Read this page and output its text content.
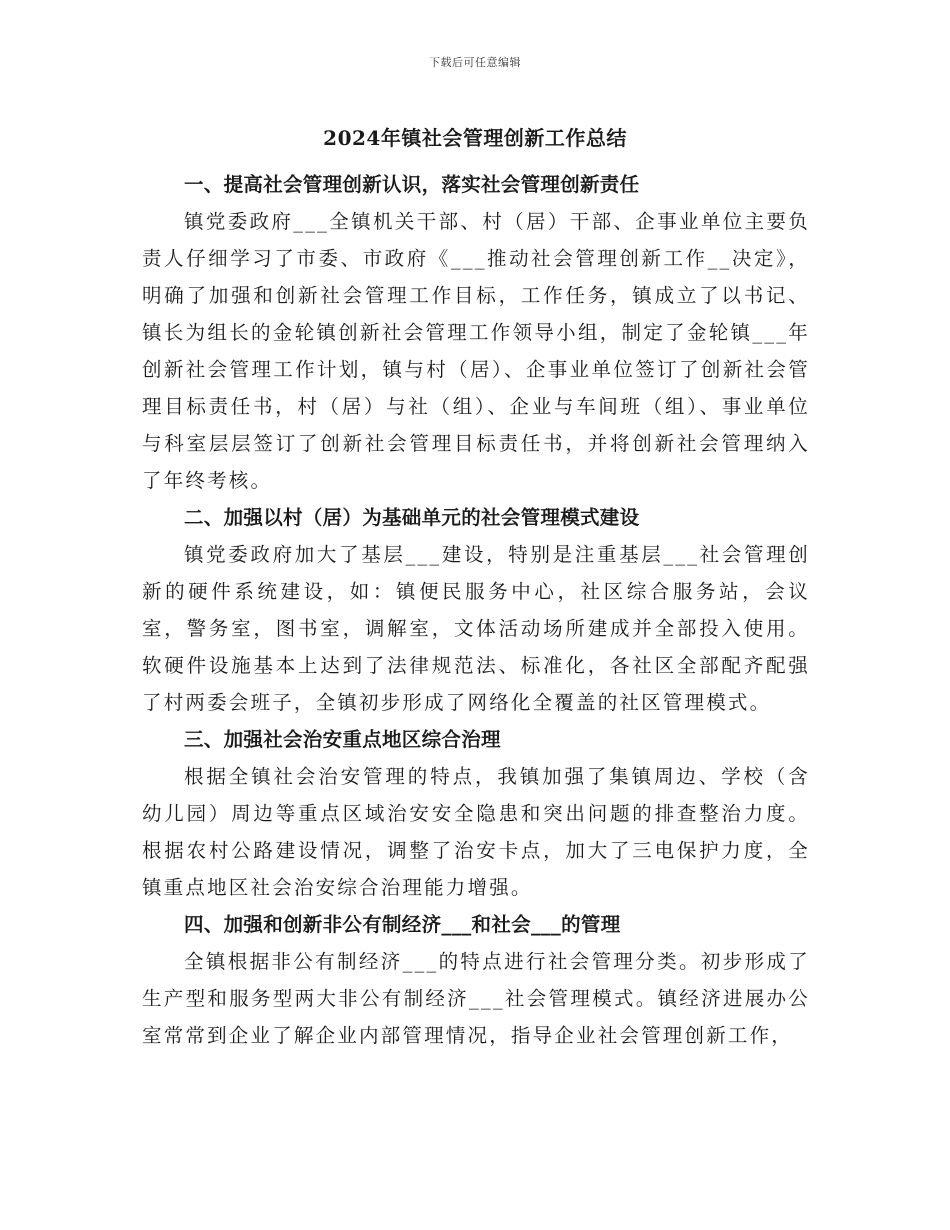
下载后可任意编辑
2024年镇社会管理创新工作总结
一、提高社会管理创新认识，落实社会管理创新责任

镇党委政府___全镇机关干部、村（居）干部、企事业单位主要负责人仔细学习了市委、市政府《___推动社会管理创新工作__决定》，明确了加强和创新社会管理工作目标，工作任务，镇成立了以书记、镇长为组长的金轮镇创新社会管理工作领导小组，制定了金轮镇___年创新社会管理工作计划，镇与村（居）、企事业单位签订了创新社会管理目标责任书，村（居）与社（组）、企业与车间班（组）、事业单位与科室层层签订了创新社会管理目标责任书，并将创新社会管理纳入了年终考核。

二、加强以村（居）为基础单元的社会管理模式建设

镇党委政府加大了基层___建设，特别是注重基层___社会管理创新的硬件系统建设，如：镇便民服务中心，社区综合服务站，会议室，警务室，图书室，调解室，文体活动场所建成并全部投入使用。软硬件设施基本上达到了法律规范法、标准化，各社区全部配齐配强了村两委会班子，全镇初步形成了网络化全覆盖的社区管理模式。

三、加强社会治安重点地区综合治理

根据全镇社会治安管理的特点，我镇加强了集镇周边、学校（含幼儿园）周边等重点区域治安安全隐患和突出问题的排查整治力度。根据农村公路建设情况，调整了治安卡点，加大了三电保护力度，全镇重点地区社会治安综合治理能力增强。

四、加强和创新非公有制经济___和社会___的管理

全镇根据非公有制经济___的特点进行社会管理分类。初步形成了生产型和服务型两大非公有制经济___社会管理模式。镇经济进展办公室常常到企业了解企业内部管理情况，指导企业社会管理创新工作，
